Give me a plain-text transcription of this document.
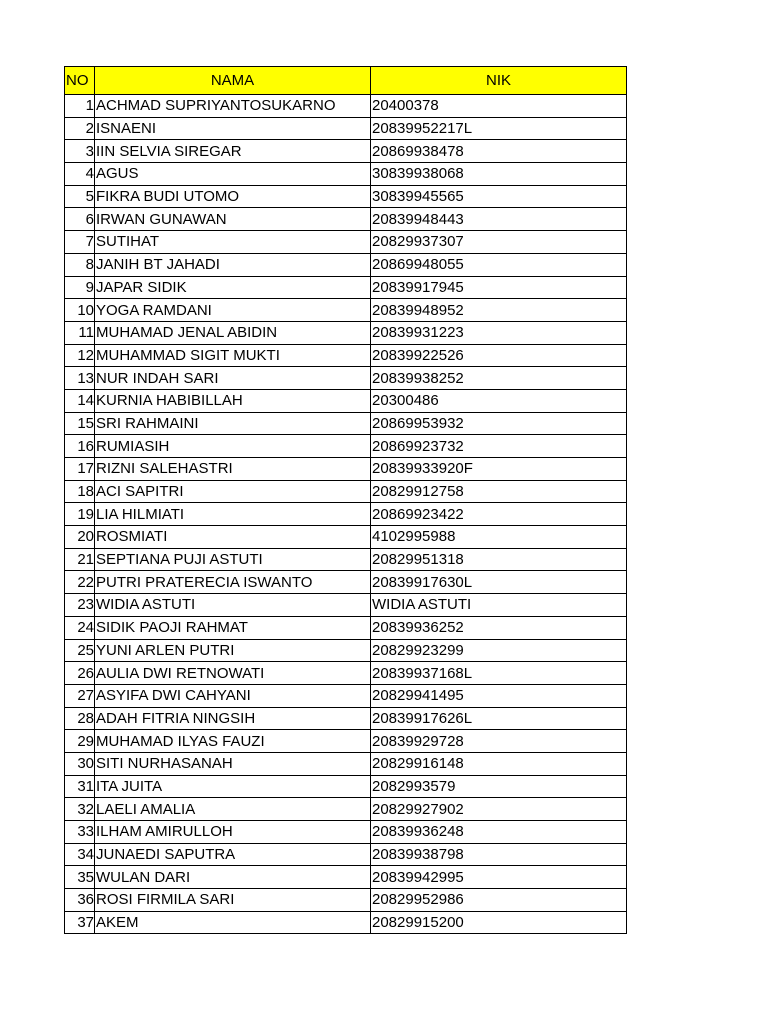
NO	NAMA	NIK
1	ACHMAD SUPRIYANTOSUKARNO	20400378
2	ISNAENI	20839952217L
3	IIN SELVIA SIREGAR	20869938478
4	AGUS	30839938068
5	FIKRA BUDI UTOMO	30839945565
6	IRWAN GUNAWAN	20839948443
7	SUTIHAT	20829937307
8	JANIH BT JAHADI	20869948055
9	JAPAR SIDIK	20839917945
10	YOGA RAMDANI	20839948952
11	MUHAMAD JENAL ABIDIN	20839931223
12	MUHAMMAD SIGIT MUKTI	20839922526
13	NUR INDAH SARI	20839938252
14	KURNIA HABIBILLAH	20300486
15	SRI RAHMAINI	20869953932
16	RUMIASIH	20869923732
17	RIZNI SALEHASTRI	20839933920F
18	ACI SAPITRI	20829912758
19	LIA HILMIATI	20869923422
20	ROSMIATI	4102995988
21	SEPTIANA PUJI ASTUTI	20829951318
22	PUTRI PRATERECIA ISWANTO	20839917630L
23	WIDIA ASTUTI	WIDIA ASTUTI
24	SIDIK PAOJI RAHMAT	20839936252
25	YUNI ARLEN PUTRI	20829923299
26	AULIA DWI RETNOWATI	20839937168L
27	ASYIFA DWI CAHYANI	20829941495
28	ADAH FITRIA NINGSIH	20839917626L
29	MUHAMAD ILYAS FAUZI	20839929728
30	SITI NURHASANAH	20829916148
31	ITA JUITA	2082993579
32	LAELI AMALIA	20829927902
33	ILHAM AMIRULLOH	20839936248
34	JUNAEDI SAPUTRA	20839938798
35	WULAN DARI	20839942995
36	ROSI FIRMILA SARI	20829952986
37	AKEM	20829915200
